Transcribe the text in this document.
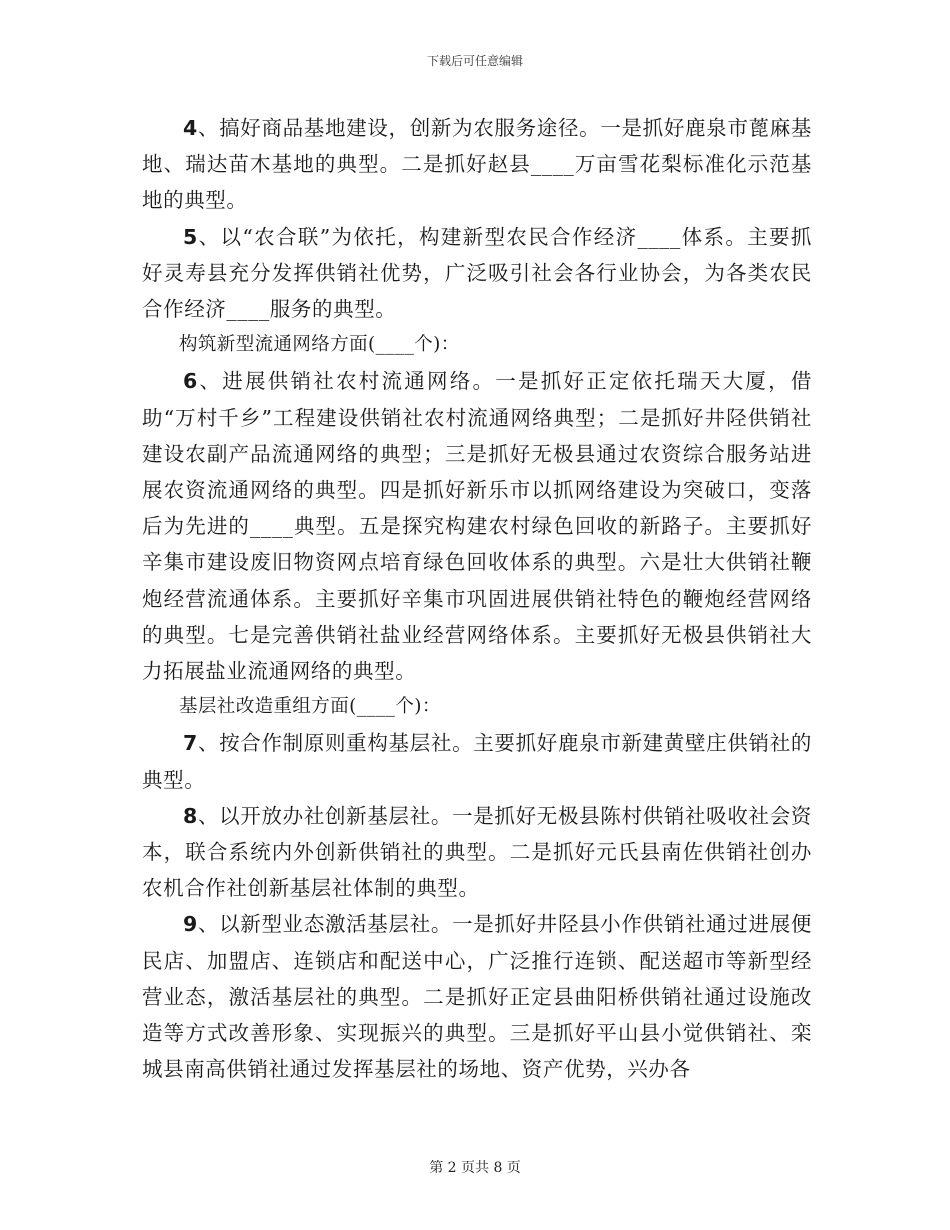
下载后可任意编辑

4、搞好商品基地建设，创新为农服务途径。一是抓好鹿泉市蓖麻基地、瑞达苗木基地的典型。二是抓好赵县____万亩雪花梨标准化示范基地的典型。

5、以“农合联”为依托，构建新型农民合作经济____体系。主要抓好灵寿县充分发挥供销社优势，广泛吸引社会各行业协会，为各类农民合作经济____服务的典型。

构筑新型流通网络方面(____个)：

6、进展供销社农村流通网络。一是抓好正定依托瑞天大厦，借助“万村千乡”工程建设供销社农村流通网络典型；二是抓好井陉供销社建设农副产品流通网络的典型；三是抓好无极县通过农资综合服务站进展农资流通网络的典型。四是抓好新乐市以抓网络建设为突破口，变落后为先进的____典型。五是探究构建农村绿色回收的新路子。主要抓好辛集市建设废旧物资网点培育绿色回收体系的典型。六是壮大供销社鞭炮经营流通体系。主要抓好辛集市巩固进展供销社特色的鞭炮经营网络的典型。七是完善供销社盐业经营网络体系。主要抓好无极县供销社大力拓展盐业流通网络的典型。

基层社改造重组方面(____个)：

7、按合作制原则重构基层社。主要抓好鹿泉市新建黄壁庄供销社的典型。

8、以开放办社创新基层社。一是抓好无极县陈村供销社吸收社会资本，联合系统内外创新供销社的典型。二是抓好元氏县南佐供销社创办农机合作社创新基层社体制的典型。

9、以新型业态激活基层社。一是抓好井陉县小作供销社通过进展便民店、加盟店、连锁店和配送中心，广泛推行连锁、配送超市等新型经营业态，激活基层社的典型。二是抓好正定县曲阳桥供销社通过设施改造等方式改善形象、实现振兴的典型。三是抓好平山县小觉供销社、栾城县南高供销社通过发挥基层社的场地、资产优势，兴办各

第 2 页共 8 页
